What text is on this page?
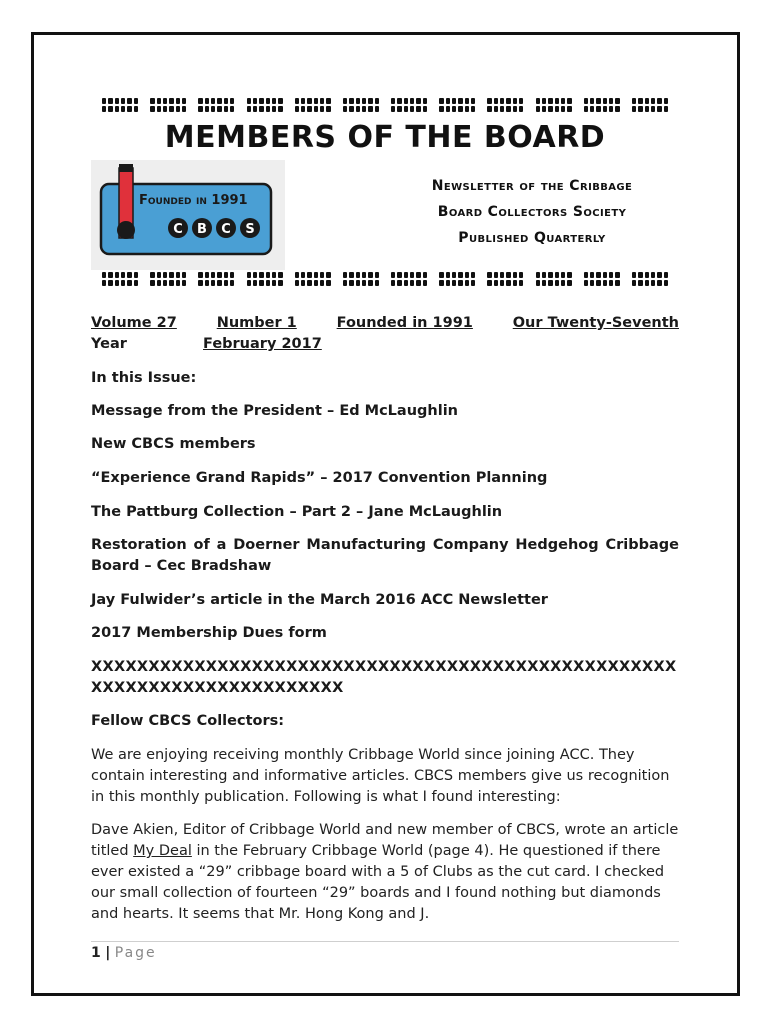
MEMBERS OF THE BOARD
Founded in 1991
C B C S
Newsletter of the Cribbage
Board Collectors Society
Published Quarterly
Volume 27	Number 1	Founded in 1991	Our Twenty-Seventh
Year	February 2017
In this Issue:
Message from the President – Ed McLaughlin
New CBCS members
“Experience Grand Rapids” – 2017 Convention Planning
The Pattburg Collection – Part 2 – Jane McLaughlin
Restoration of a Doerner Manufacturing Company Hedgehog Cribbage Board – Cec Bradshaw
Jay Fulwider’s article in the March 2016 ACC Newsletter
2017 Membership Dues form
XXXXXXXXXXXXXXXXXXXXXXXXXXXXXXXXXXXXXXXXXXXXXXXXXXXXXXXXXXXXXXXXXXXXXXXXX
Fellow CBCS Collectors:
We are enjoying receiving monthly Cribbage World since joining ACC. They contain interesting and informative articles. CBCS members give us recognition in this monthly publication. Following is what I found interesting:
Dave Akien, Editor of Cribbage World and new member of CBCS, wrote an article titled My Deal in the February Cribbage World (page 4). He questioned if there ever existed a “29” cribbage board with a 5 of Clubs as the cut card. I checked our small collection of fourteen “29” boards and I found nothing but diamonds and hearts. It seems that Mr. Hong Kong and J.
1 | Page
